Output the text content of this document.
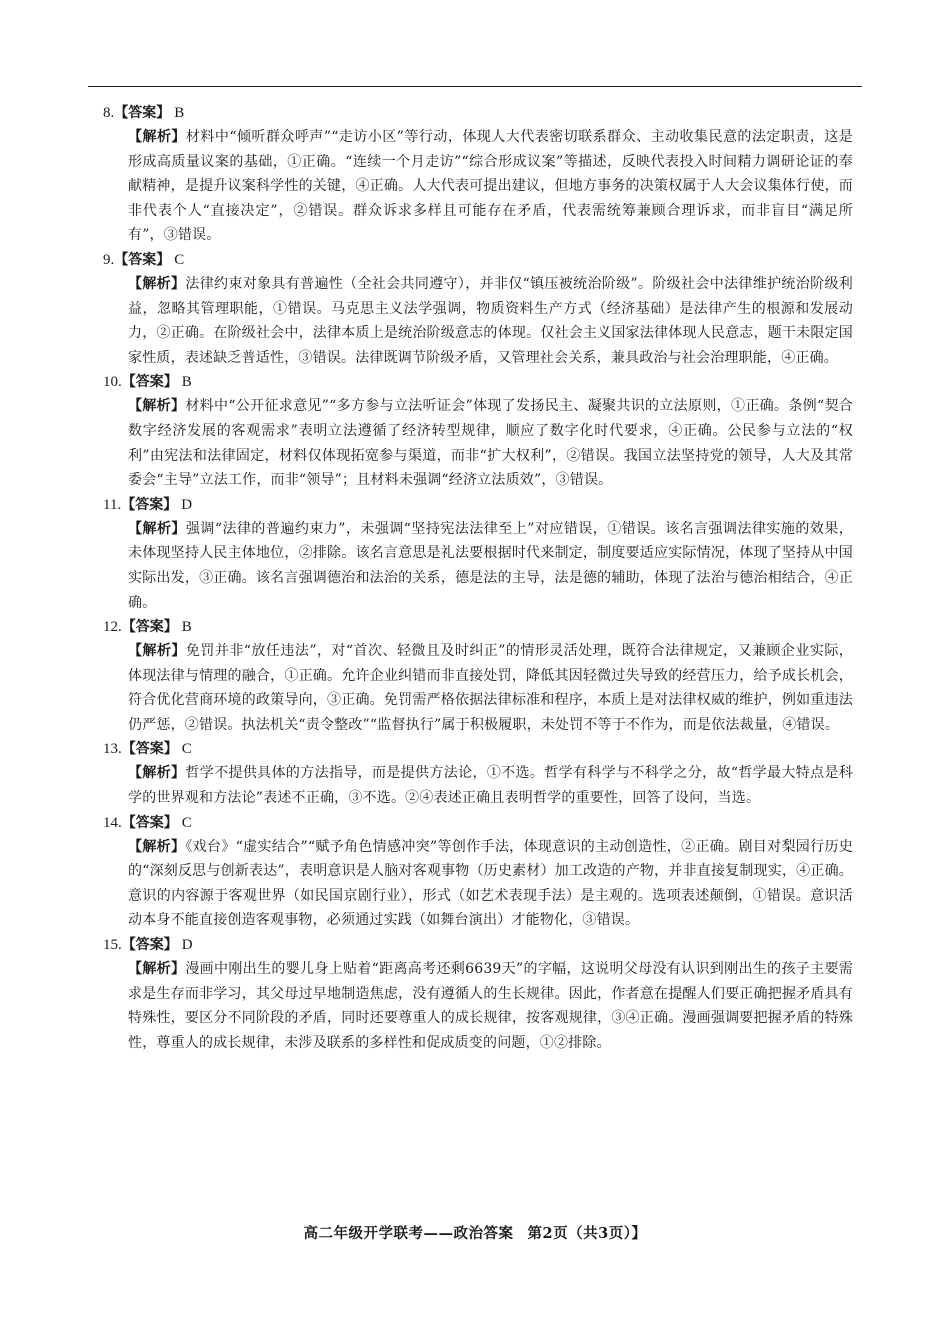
8.【答案】 B
【解析】材料中“倾听群众呼声”“走访小区”等行动，体现人大代表密切联系群众、主动收集民意的法定职责，这是形成高质量议案的基础，①正确。“连续一个月走访”“综合形成议案”等描述，反映代表投入时间精力调研论证的奉献精神，是提升议案科学性的关键，④正确。人大代表可提出建议，但地方事务的决策权属于人大会议集体行使，而非代表个人“直接决定”，②错误。群众诉求多样且可能存在矛盾，代表需统筹兼顾合理诉求，而非盲目“满足所有”，③错误。
9.【答案】 C
【解析】法律约束对象具有普遍性（全社会共同遵守），并非仅“镇压被统治阶级”。阶级社会中法律维护统治阶级利益，忽略其管理职能，①错误。马克思主义法学强调，物质资料生产方式（经济基础）是法律产生的根源和发展动力，②正确。在阶级社会中，法律本质上是统治阶级意志的体现。仅社会主义国家法律体现人民意志，题干未限定国家性质，表述缺乏普适性，③错误。法律既调节阶级矛盾，又管理社会关系，兼具政治与社会治理职能，④正确。
10.【答案】 B
【解析】材料中“公开征求意见”“多方参与立法听证会”体现了发扬民主、凝聚共识的立法原则，①正确。条例“契合数字经济发展的客观需求”表明立法遵循了经济转型规律，顺应了数字化时代要求，④正确。公民参与立法的“权利”由宪法和法律固定，材料仅体现拓宽参与渠道，而非“扩大权利”，②错误。我国立法坚持党的领导，人大及其常委会“主导”立法工作，而非“领导”；且材料未强调“经济立法质效”，③错误。
11.【答案】 D
【解析】强调“法律的普遍约束力”，未强调“坚持宪法法律至上”对应错误，①错误。该名言强调法律实施的效果，未体现坚持人民主体地位，②排除。该名言意思是礼法要根据时代来制定，制度要适应实际情况，体现了坚持从中国实际出发，③正确。该名言强调德治和法治的关系，德是法的主导，法是德的辅助，体现了法治与德治相结合，④正确。
12.【答案】 B
【解析】免罚并非“放任违法”，对“首次、轻微且及时纠正”的情形灵活处理，既符合法律规定，又兼顾企业实际，体现法律与情理的融合，①正确。允许企业纠错而非直接处罚，降低其因轻微过失导致的经营压力，给予成长机会，符合优化营商环境的政策导向，③正确。免罚需严格依据法律标准和程序，本质上是对法律权威的维护，例如重违法仍严惩，②错误。执法机关“责令整改”“监督执行”属于积极履职，未处罚不等于不作为，而是依法裁量，④错误。
13.【答案】 C
【解析】哲学不提供具体的方法指导，而是提供方法论，①不选。哲学有科学与不科学之分，故“哲学最大特点是科学的世界观和方法论”表述不正确，③不选。②④表述正确且表明哲学的重要性，回答了设问，当选。
14.【答案】 C
【解析】《戏台》“虚实结合”“赋予角色情感冲突”等创作手法，体现意识的主动创造性，②正确。剧目对梨园行历史的“深刻反思与创新表达”，表明意识是人脑对客观事物（历史素材）加工改造的产物，并非直接复制现实，④正确。意识的内容源于客观世界（如民国京剧行业），形式（如艺术表现手法）是主观的。选项表述颠倒，①错误。意识活动本身不能直接创造客观事物，必须通过实践（如舞台演出）才能物化，③错误。
15.【答案】 D
【解析】漫画中刚出生的婴儿身上贴着“距离高考还剩6639天”的字幅，这说明父母没有认识到刚出生的孩子主要需求是生存而非学习，其父母过早地制造焦虑，没有遵循人的生长规律。因此，作者意在提醒人们要正确把握矛盾具有特殊性，要区分不同阶段的矛盾，同时还要尊重人的成长规律，按客观规律，③④正确。漫画强调要把握矛盾的特殊性，尊重人的成长规律，未涉及联系的多样性和促成质变的问题，①②排除。
高二年级开学联考——政治答案 第2页（共3页）】
